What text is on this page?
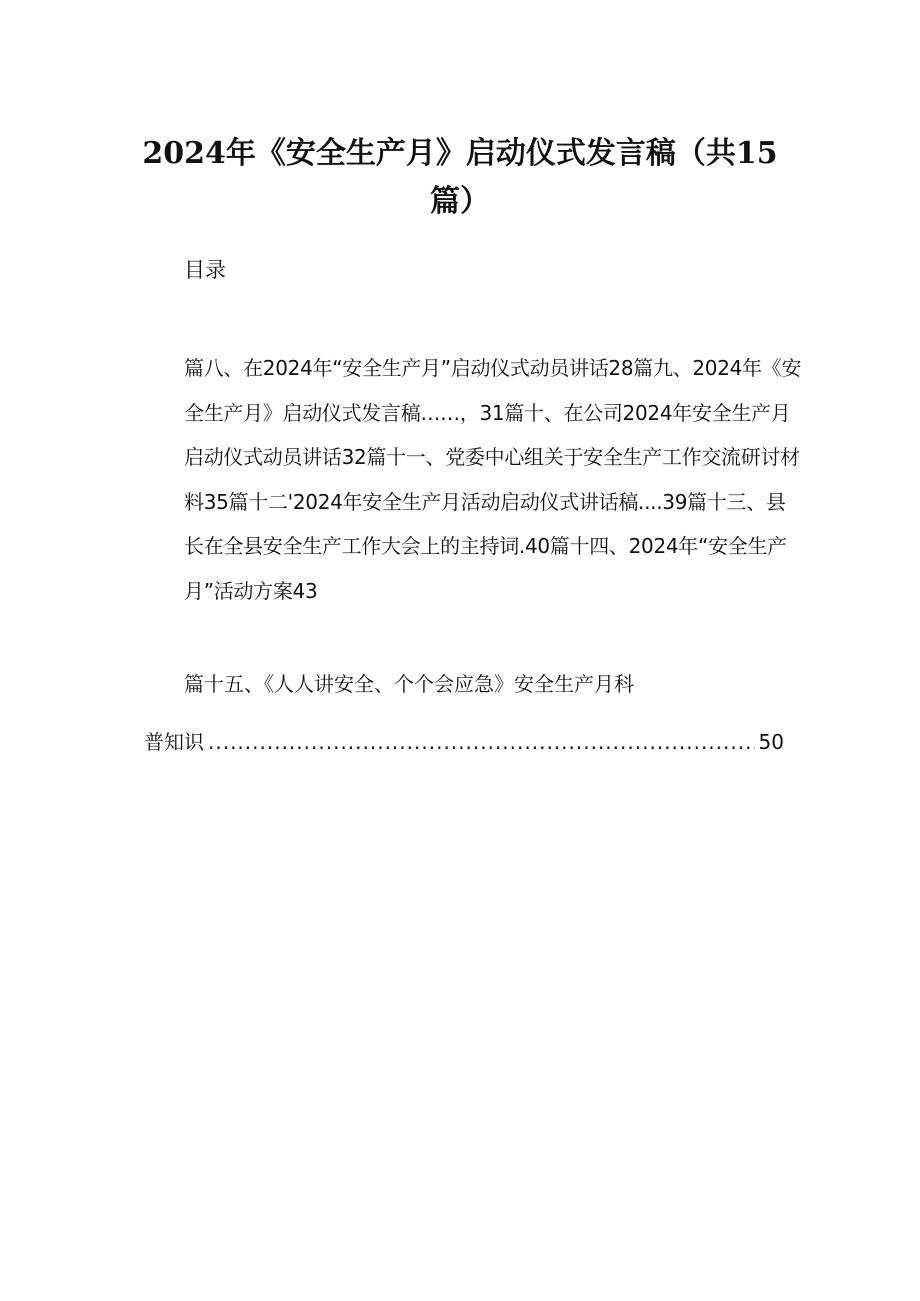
2024年《安全生产月》启动仪式发言稿（共15篇）

目录

篇八、在2024年“安全生产月”启动仪式动员讲话28篇九、2024年《安全生产月》启动仪式发言稿……，31篇十、在公司2024年安全生产月启动仪式动员讲话32篇十一、党委中心组关于安全生产工作交流研讨材料35篇十二'2024年安全生产月活动启动仪式讲话稿....39篇十三、县长在全县安全生产工作大会上的主持词.40篇十四、2024年“安全生产月”活动方案43

篇十五、《人人讲安全、个个会应急》安全生产月科

普知识
.....	50
